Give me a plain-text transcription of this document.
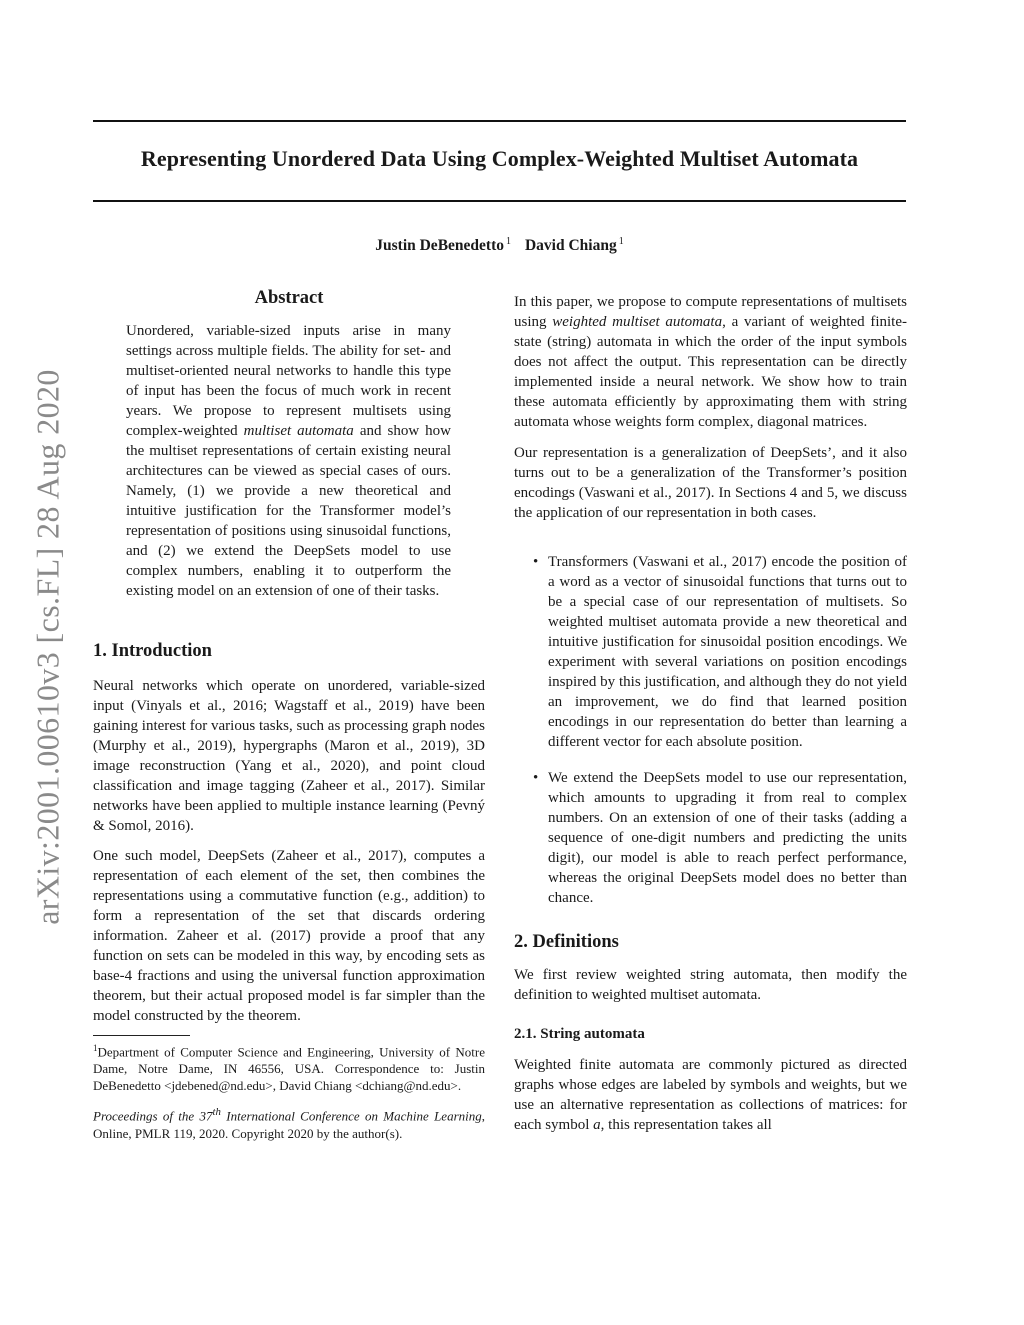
Representing Unordered Data Using Complex-Weighted Multiset Automata
Justin DeBenedetto $^1$ David Chiang $^1$
arXiv:2001.00610v3 [cs.FL] 28 Aug 2020
Abstract
Unordered, variable-sized inputs arise in many settings across multiple fields. The ability for set- and multiset-oriented neural networks to handle this type of input has been the focus of much work in recent years. We propose to represent multisets using complex-weighted multiset automata and show how the multiset representations of certain existing neural architectures can be viewed as special cases of ours. Namely, (1) we provide a new theoretical and intuitive justification for the Transformer model’s representation of positions using sinusoidal functions, and (2) we extend the DeepSets model to use complex numbers, enabling it to outperform the existing model on an extension of one of their tasks.
1. Introduction

Neural networks which operate on unordered, variable-sized input (Vinyals et al., 2016; Wagstaff et al., 2019) have been gaining interest for various tasks, such as processing graph nodes (Murphy et al., 2019), hypergraphs (Maron et al., 2019), 3D image reconstruction (Yang et al., 2020), and point cloud classification and image tagging (Zaheer et al., 2017). Similar networks have been applied to multiple instance learning (Pevný & Somol, 2016).

One such model, DeepSets (Zaheer et al., 2017), computes a representation of each element of the set, then combines the representations using a commutative function (e.g., addition) to form a representation of the set that discards ordering information. Zaheer et al. (2017) provide a proof that any function on sets can be modeled in this way, by encoding sets as base-4 fractions and using the universal function approximation theorem, but their actual proposed model is far simpler than the model constructed by the theorem.

$^1$Department of Computer Science and Engineering, University of Notre Dame, Notre Dame, IN 46556, USA. Correspondence to: Justin DeBenedetto <jdebened@nd.edu>, David Chiang <dchiang@nd.edu>.

Proceedings of the 37th International Conference on Machine Learning, Online, PMLR 119, 2020. Copyright 2020 by the author(s).

In this paper, we propose to compute representations of multisets using weighted multiset automata, a variant of weighted finite-state (string) automata in which the order of the input symbols does not affect the output. This representation can be directly implemented inside a neural network. We show how to train these automata efficiently by approximating them with string automata whose weights form complex, diagonal matrices.

Our representation is a generalization of DeepSets’, and it also turns out to be a generalization of the Transformer’s position encodings (Vaswani et al., 2017). In Sections 4 and 5, we discuss the application of our representation in both cases.

• Transformers (Vaswani et al., 2017) encode the position of a word as a vector of sinusoidal functions that turns out to be a special case of our representation of multisets. So weighted multiset automata provide a new theoretical and intuitive justification for sinusoidal position encodings. We experiment with several variations on position encodings inspired by this justification, and although they do not yield an improvement, we do find that learned position encodings in our representation do better than learning a different vector for each absolute position.
• We extend the DeepSets model to use our representation, which amounts to upgrading it from real to complex numbers. On an extension of one of their tasks (adding a sequence of one-digit numbers and predicting the units digit), our model is able to reach perfect performance, whereas the original DeepSets model does no better than chance.
2. Definitions

We first review weighted string automata, then modify the definition to weighted multiset automata.

2.1. String automata

Weighted finite automata are commonly pictured as directed graphs whose edges are labeled by symbols and weights, but we use an alternative representation as collections of matrices: for each symbol a, this representation takes all
